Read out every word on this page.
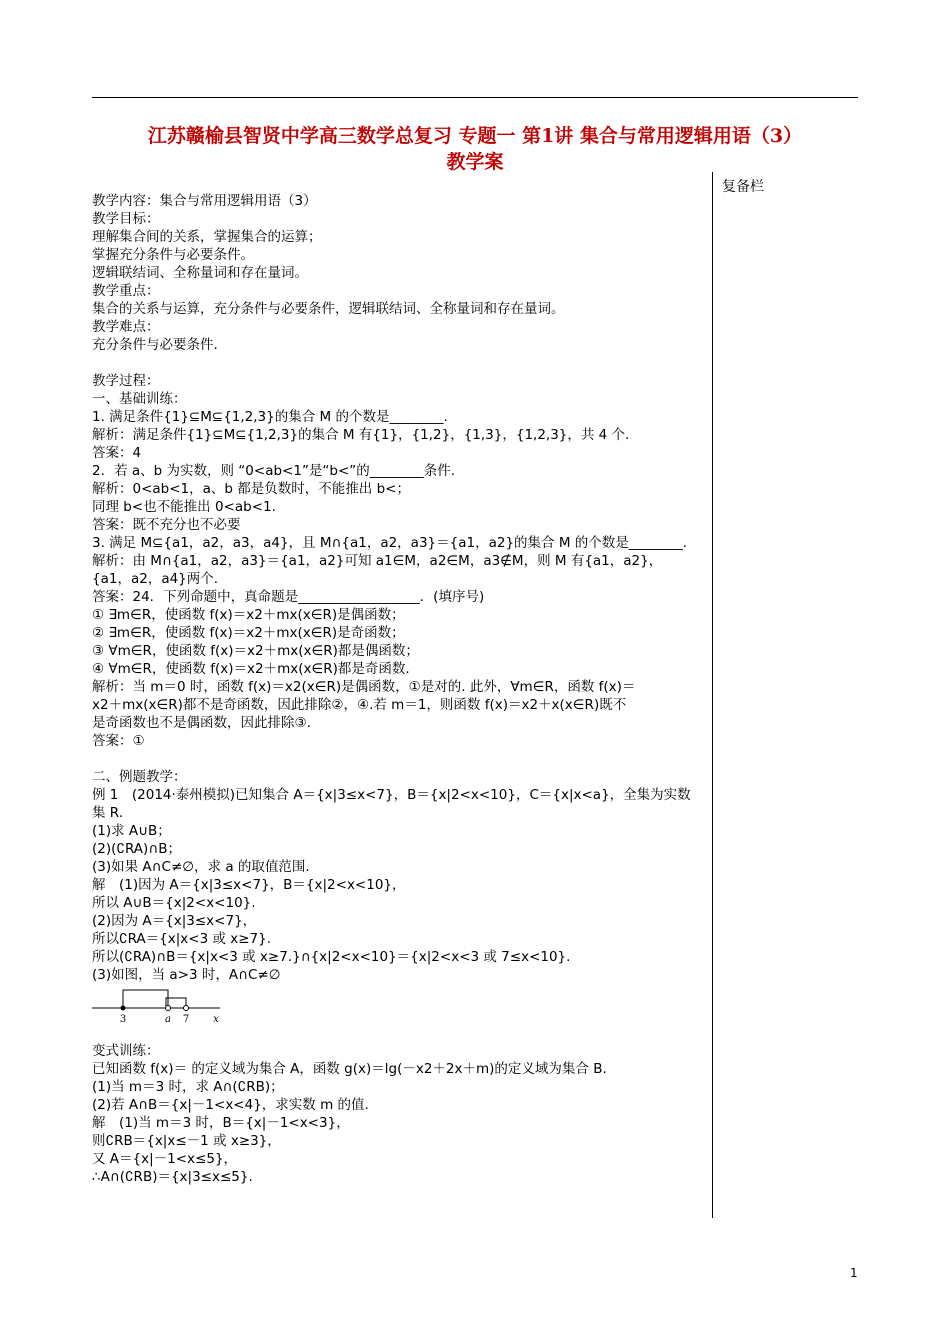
江苏赣榆县智贤中学高三数学总复习 专题一 第1讲 集合与常用逻辑用语（3）
教学案
复备栏
教学内容：集合与常用逻辑用语（3）
教学目标：
理解集合间的关系，掌握集合的运算；
掌握充分条件与必要条件。
逻辑联结词、全称量词和存在量词。
教学重点：
集合的关系与运算，充分条件与必要条件，逻辑联结词、全称量词和存在量词。
教学难点：
充分条件与必要条件.
教学过程：
一、基础训练：
1. 满足条件{1}⊆M⊆{1,2,3}的集合 M 的个数是________.
解析：满足条件{1}⊆M⊆{1,2,3}的集合 M 有{1}，{1,2}，{1,3}，{1,2,3}，共 4 个.
答案：4
2．若 a、b 为实数，则 “0<ab<1”是“b<”的________条件.
解析：0<ab<1，a、b 都是负数时，不能推出 b<；
同理 b<也不能推出 0<ab<1.
答案：既不充分也不必要
3. 满足 M⊆{a1，a2，a3，a4}，且 M∩{a1，a2，a3}＝{a1，a2}的集合 M 的个数是________.
解析：由 M∩{a1，a2，a3}＝{a1，a2}可知 a1∈M，a2∈M，a3∉M，则 M 有{a1，a2}，
{a1，a2，a4}两个.
答案：24．下列命题中，真命题是__________________．(填序号)
① ∃m∈R，使函数 f(x)＝x2＋mx(x∈R)是偶函数；
② ∃m∈R，使函数 f(x)＝x2＋mx(x∈R)是奇函数；
③ ∀m∈R，使函数 f(x)＝x2＋mx(x∈R)都是偶函数；
④ ∀m∈R，使函数 f(x)＝x2＋mx(x∈R)都是奇函数.
解析：当 m＝0 时，函数 f(x)＝x2(x∈R)是偶函数，①是对的. 此外，∀m∈R，函数 f(x)＝
x2＋mx(x∈R)都不是奇函数，因此排除②，④.若 m＝1，则函数 f(x)＝x2＋x(x∈R)既不
是奇函数也不是偶函数，因此排除③.
答案：①
二、例题教学：
例 1　(2014·泰州模拟)已知集合 A＝{x|3≤x<7}，B＝{x|2<x<10}，C＝{x|x<a}，全集为实数
集 R.
(1)求 A∪B；
(2)(∁RA)∩B；
(3)如果 A∩C≠∅，求 a 的取值范围.
解　(1)因为 A＝{x|3≤x<7}，B＝{x|2<x<10}，
所以 A∪B＝{x|2<x<10}.
(2)因为 A＝{x|3≤x<7}，
所以∁RA＝{x|x<3 或 x≥7}.
所以(∁RA)∩B＝{x|x<3 或 x≥7.}∩{x|2<x<10}＝{x|2<x<3 或 7≤x<10}.
(3)如图，当 a>3 时，A∩C≠∅
3	a 7 x
变式训练：
已知函数 f(x)＝ 的定义域为集合 A，函数 g(x)＝lg(－x2＋2x＋m)的定义域为集合 B.
(1)当 m＝3 时，求 A∩(∁RB)；
(2)若 A∩B＝{x|－1<x<4}，求实数 m 的值.
解　(1)当 m＝3 时，B＝{x|－1<x<3}，
则∁RB＝{x|x≤－1 或 x≥3}，
又 A＝{x|－1<x≤5}，
∴A∩(∁RB)＝{x|3≤x≤5}.
1
